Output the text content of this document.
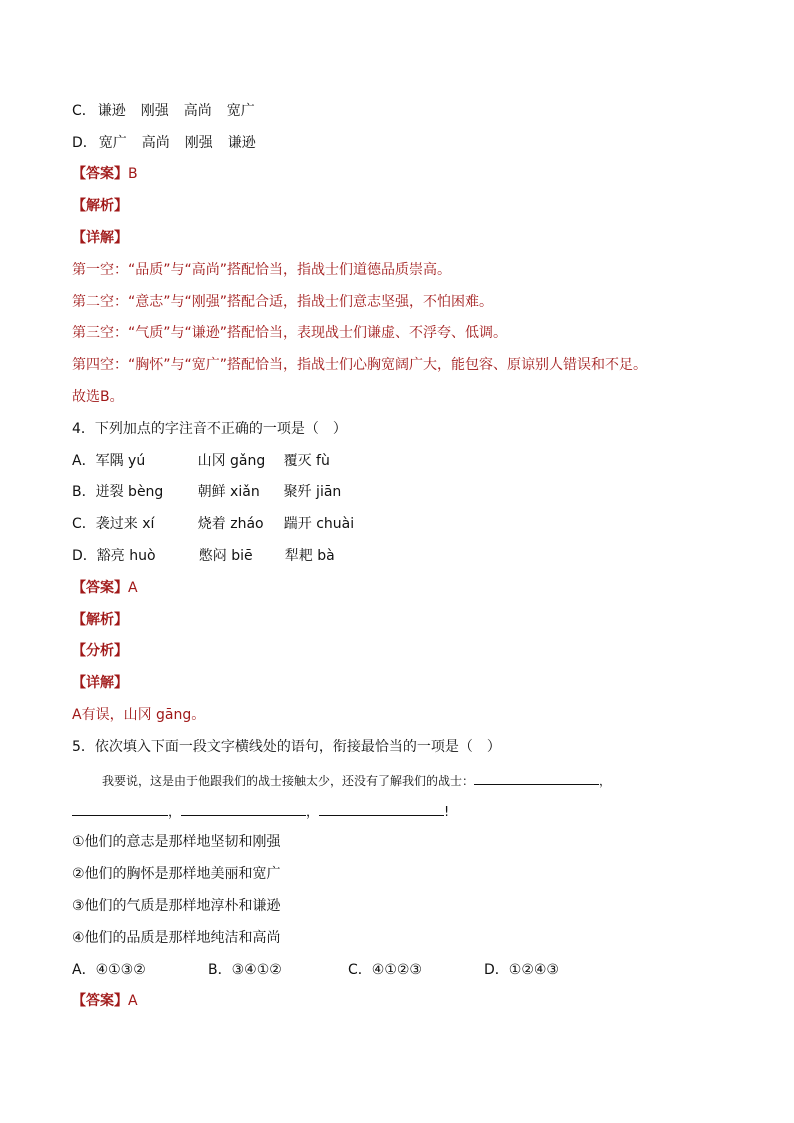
C． 谦逊 刚强 高尚 宽广
D． 宽广 高尚 刚强 谦逊
【答案】B
【解析】
【详解】
第一空：“品质”与“高尚”搭配恰当，指战士们道德品质崇高。
第二空：“意志”与“刚强”搭配合适，指战士们意志坚强，不怕困难。
第三空：“气质”与“谦逊”搭配恰当，表现战士们谦虚、不浮夸、低调。
第四空：“胸怀”与“宽广”搭配恰当，指战士们心胸宽阔广大，能包容、原谅别人错误和不足。
故选B。
4．下列加点的字注音不正确的一项是（　）
A．军隅 yú	山冈 gǎng 覆灭 fù
B．迸裂 bèng 朝鲜 xiǎn 聚歼 jiān
C．袭过来 xí	烧着 zháo 踹开 chuài
D．豁亮 huò	憋闷 biē 犁耙 bà
【答案】A
【解析】
【分析】
【详解】
A有误，山冈 gāng。
5．依次填入下面一段文字横线处的语句，衔接最恰当的一项是（　）
我要说，这是由于他跟我们的战士接触太少，还没有了解我们的战士：	，
，	，	!
①他们的意志是那样地坚韧和刚强
②他们的胸怀是那样地美丽和宽广
③他们的气质是那样地淳朴和谦逊
④他们的品质是那样地纯洁和高尚
A．④①③②	B．③④①②	C．④①②③	D．①②④③
【答案】A
